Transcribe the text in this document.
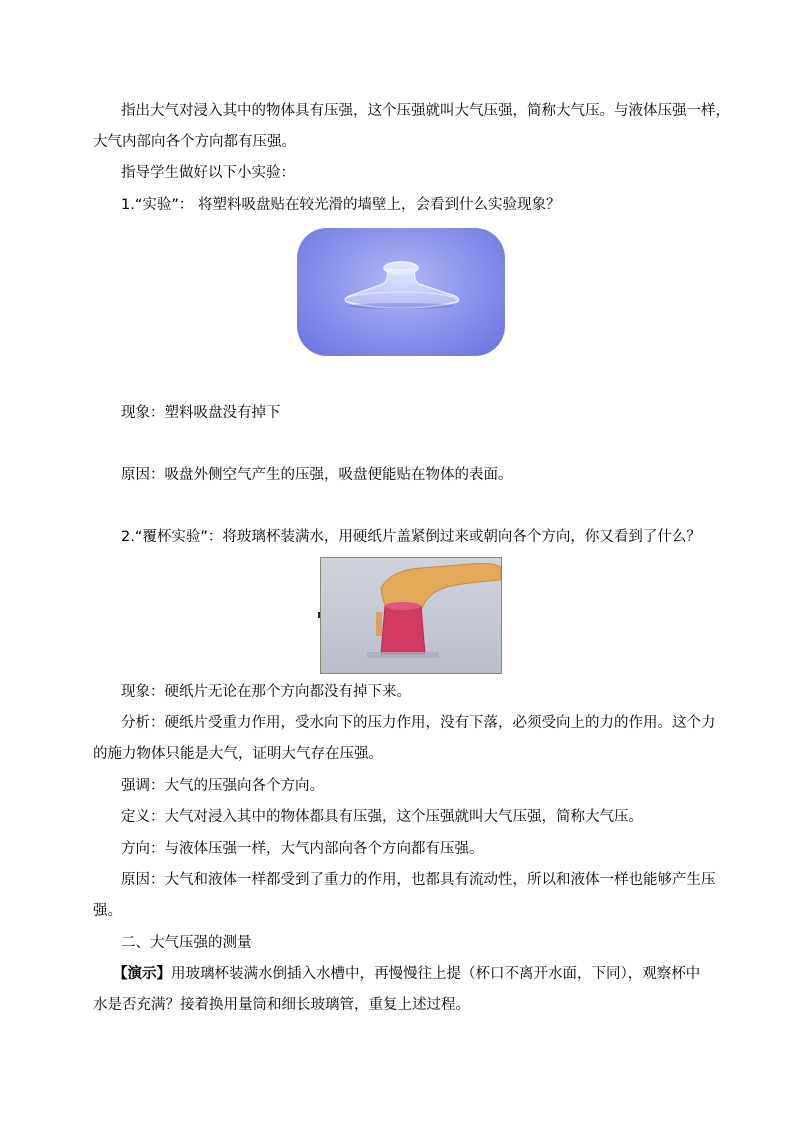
指出大气对浸入其中的物体具有压强，这个压强就叫大气压强，简称大气压。与液体压强一样，
大气内部向各个方向都有压强。
指导学生做好以下小实验：
1.“实验”： 将塑料吸盘贴在较光滑的墙壁上，会看到什么实验现象？
现象：塑料吸盘没有掉下
原因：吸盘外侧空气产生的压强，吸盘便能贴在物体的表面。
2.“覆杯实验”：将玻璃杯装满水，用硬纸片盖紧倒过来或朝向各个方向，你又看到了什么？
现象：硬纸片无论在那个方向都没有掉下来。
分析：硬纸片受重力作用，受水向下的压力作用，没有下落，必须受向上的力的作用。这个力
的施力物体只能是大气，证明大气存在压强。
强调：大气的压强向各个方向。
定义：大气对浸入其中的物体都具有压强，这个压强就叫大气压强，简称大气压。
方向：与液体压强一样，大气内部向各个方向都有压强。
原因：大气和液体一样都受到了重力的作用，也都具有流动性，所以和液体一样也能够产生压
强。
二、大气压强的测量
【演示】用玻璃杯装满水倒插入水槽中，再慢慢往上提（杯口不离开水面，下同），观察杯中
水是否充满？接着换用量筒和细长玻璃管，重复上述过程。
